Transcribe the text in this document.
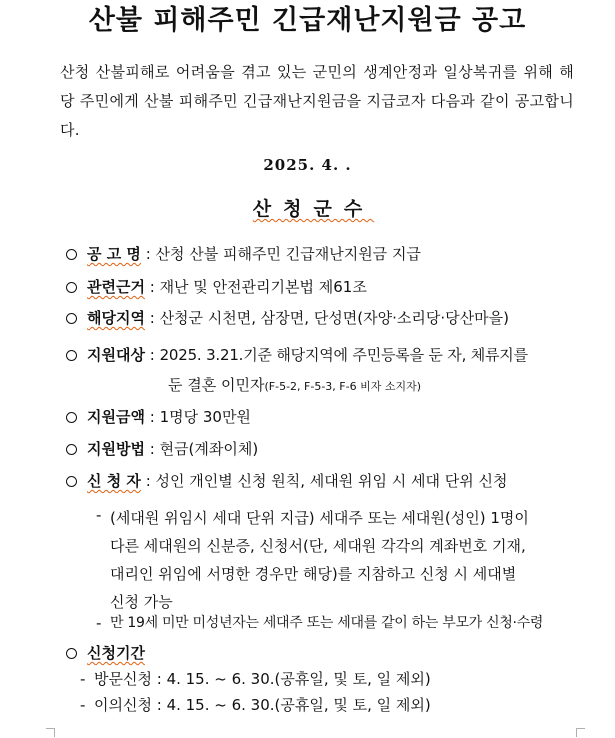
산불 피해주민 긴급재난지원금 공고
산청 산불피해로 어려움을 겪고 있는 군민의 생계안정과 일상복귀를 위해 해당 주민에게 산불 피해주민 긴급재난지원금을 지급코자 다음과 같이 공고합니다.
2025. 4. .
산청군수
공 고 명 : 산청 산불 피해주민 긴급재난지원금 지급
관련근거 : 재난 및 안전관리기본법 제61조
해당지역 : 산청군 시천면, 삼장면, 단성면(자양·소리당·당산마을)
지원대상 : 2025. 3.21.기준 해당지역에 주민등록을 둔 자, 체류지를
둔 결혼 이민자(F-5-2, F-5-3, F-6 비자 소지자)
지원금액 : 1명당 30만원
지원방법 : 현금(계좌이체)
신 청 자 : 성인 개인별 신청 원칙, 세대원 위임 시 세대 단위 신청
- (세대원 위임시 세대 단위 지급) 세대주 또는 세대원(성인) 1명이
다른 세대원의 신분증, 신청서(단, 세대원 각각의 계좌번호 기재,
대리인 위임에 서명한 경우만 해당)를 지참하고 신청 시 세대별
신청 가능
- 만 19세 미만 미성년자는 세대주 또는 세대를 같이 하는 부모가 신청·수령
신청기간
- 방문신청 : 4. 15. ~ 6. 30.(공휴일, 및 토, 일 제외)
- 이의신청 : 4. 15. ~ 6. 30.(공휴일, 및 토, 일 제외)
